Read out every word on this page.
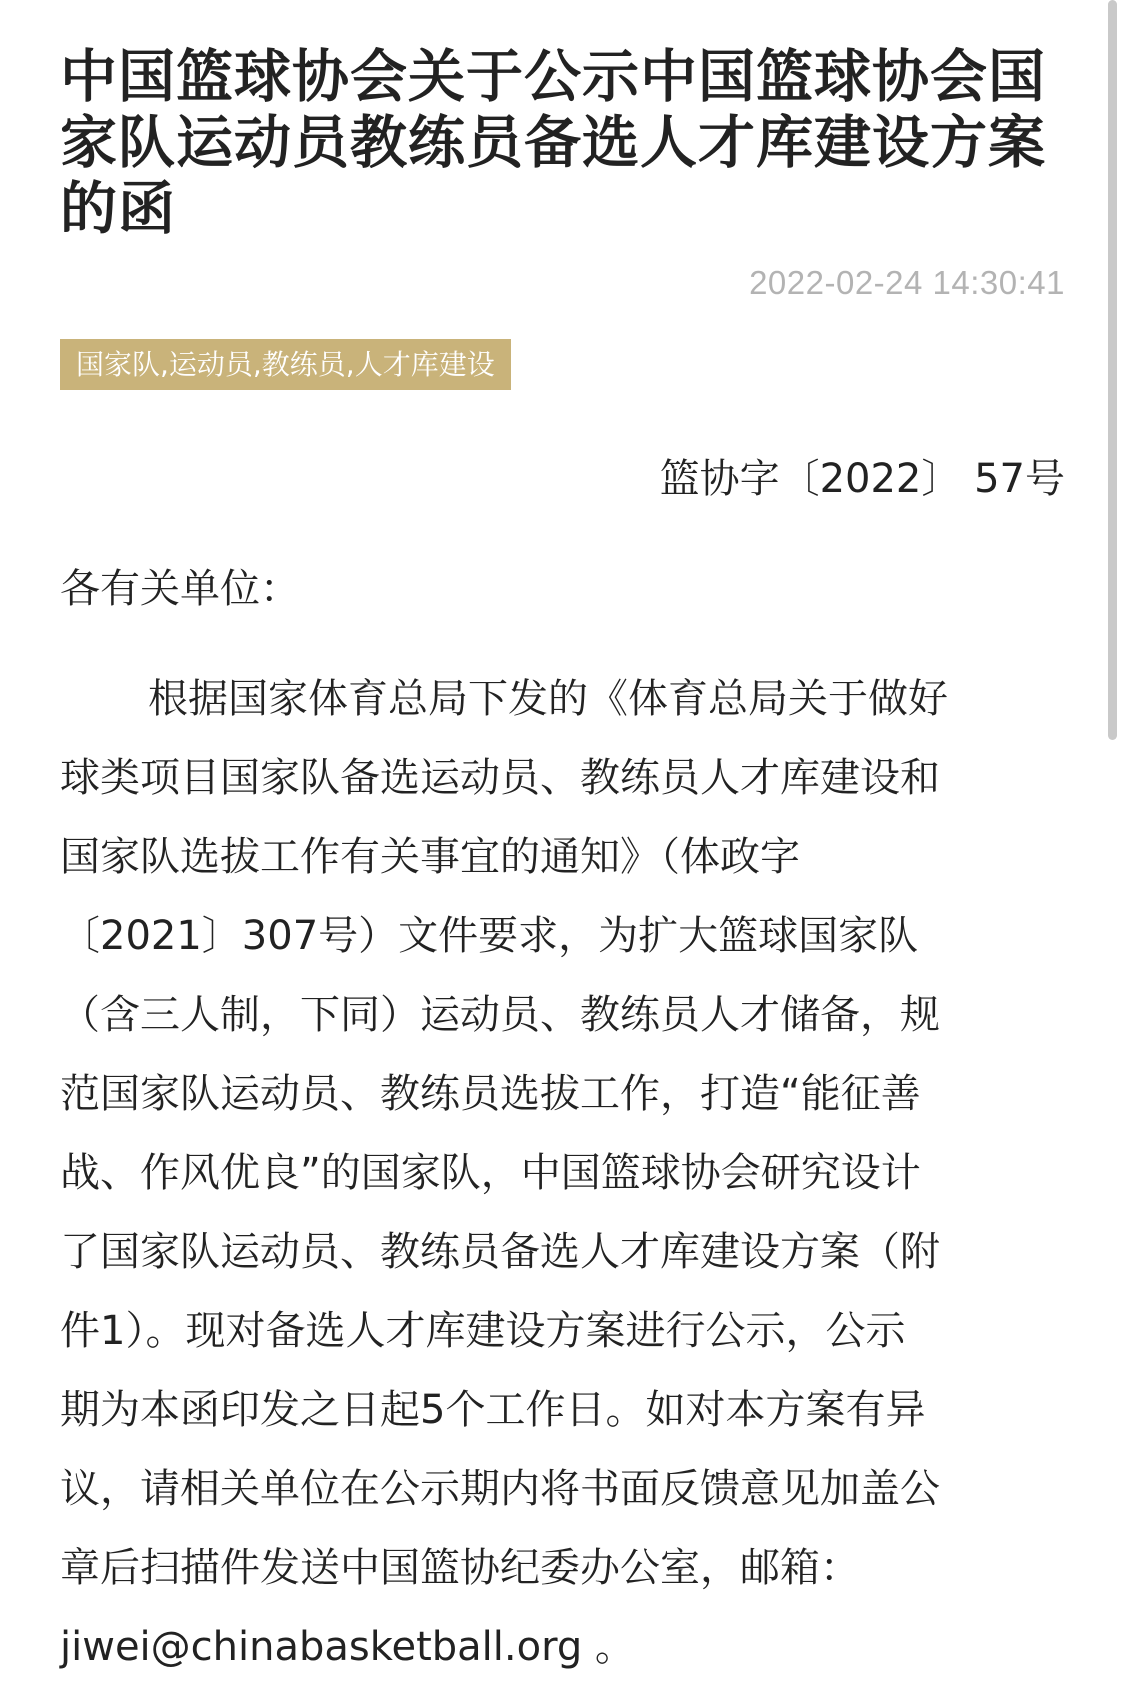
中国篮球协会关于公示中国篮球协会国家队运动员教练员备选人才库建设方案的函
2022-02-24 14:30:41
国家队,运动员,教练员,人才库建设
篮协字〔2022〕 57号
各有关单位：
根据国家体育总局下发的《体育总局关于做好
球类项目国家队备选运动员、教练员人才库建设和
国家队选拔工作有关事宜的通知》（体政字
〔2021〕307号）文件要求，为扩大篮球国家队
（含三人制，下同）运动员、教练员人才储备，规
范国家队运动员、教练员选拔工作，打造“能征善
战、作风优良”的国家队，中国篮球协会研究设计
了国家队运动员、教练员备选人才库建设方案（附
件1）。现对备选人才库建设方案进行公示，公示
期为本函印发之日起5个工作日。如对本方案有异
议，请相关单位在公示期内将书面反馈意见加盖公
章后扫描件发送中国篮协纪委办公室，邮箱：
jiwei@chinabasketball.org 。
